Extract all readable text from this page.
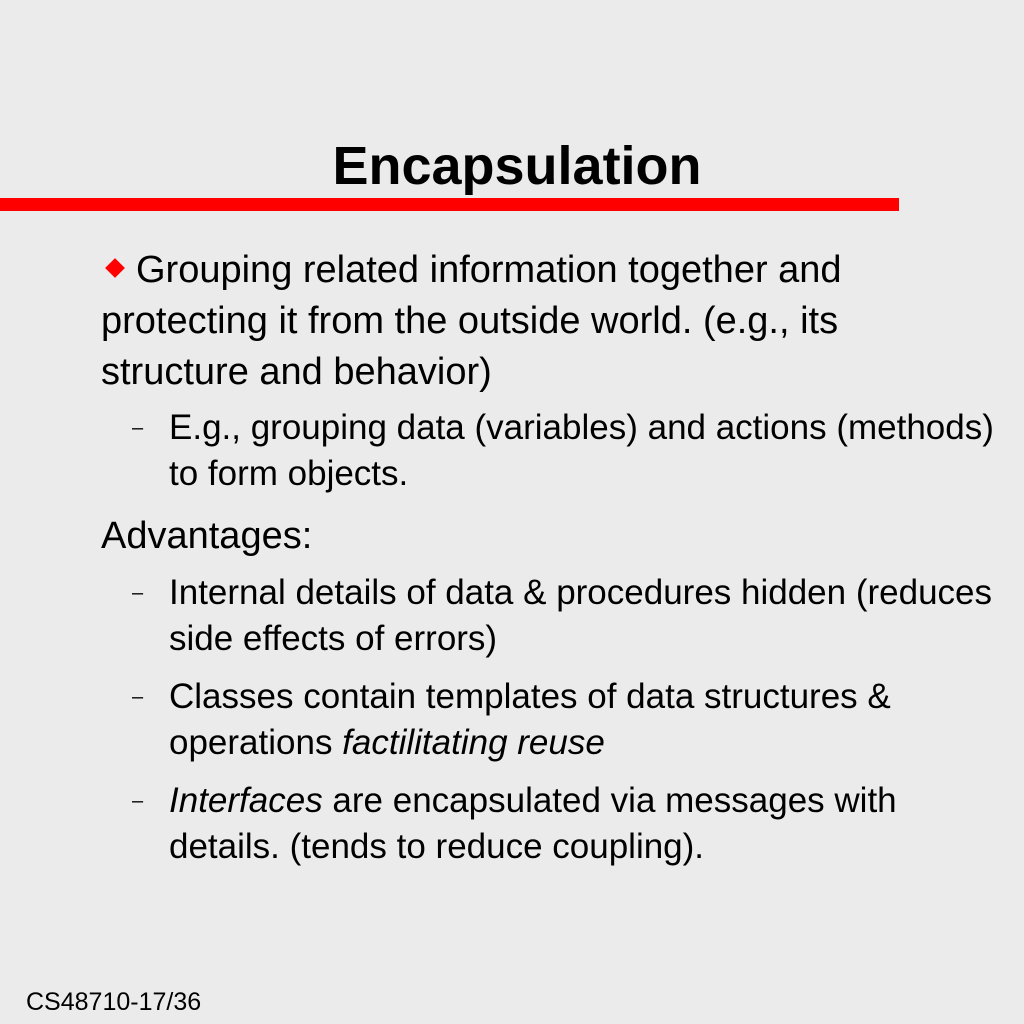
Encapsulation

Grouping related information together and protecting it from the outside world. (e.g., its structure and behavior)

– E.g., grouping data (variables) and actions (methods) to form objects.

Advantages:

– Internal details of data & procedures hidden (reduces side effects of errors)

– Classes contain templates of data structures & operations factilitating reuse

– Interfaces are encapsulated via messages with details. (tends to reduce coupling).

CS48710-17/36
